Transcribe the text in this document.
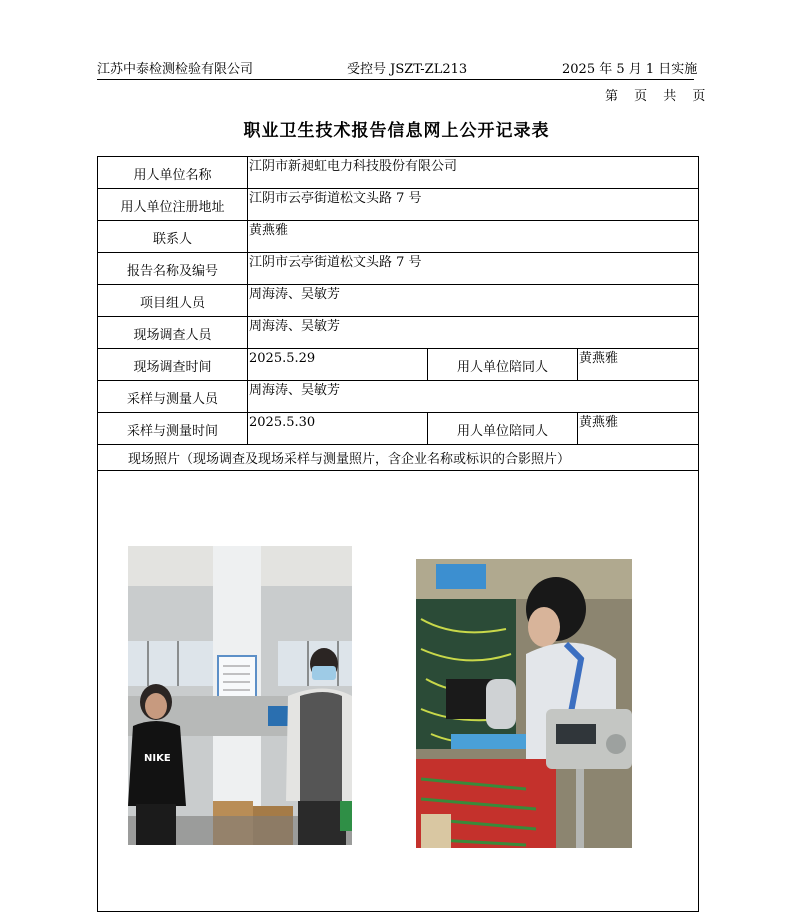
江苏中泰检测检验有限公司	受控号 JSZT-ZL213	2025 年 5 月 1 日实施
第 页 共 页
职业卫生技术报告信息网上公开记录表
用人单位名称	江阴市新昶虹电力科技股份有限公司		
用人单位注册地址	江阴市云亭街道松文头路 7 号		
联系人	黄燕雅		
报告名称及编号	江阴市云亭街道松文头路 7 号		
项目组人员	周海涛、吴敏芳		
现场调查人员	周海涛、吴敏芳		
现场调查时间	2025.5.29	用人单位陪同人	黄燕雅
采样与测量人员	周海涛、吴敏芳		
采样与测量时间	2025.5.30	用人单位陪同人	黄燕雅
现场照片（现场调查及现场采样与测量照片，含企业名称或标识的合影照片）			

NIKE			
